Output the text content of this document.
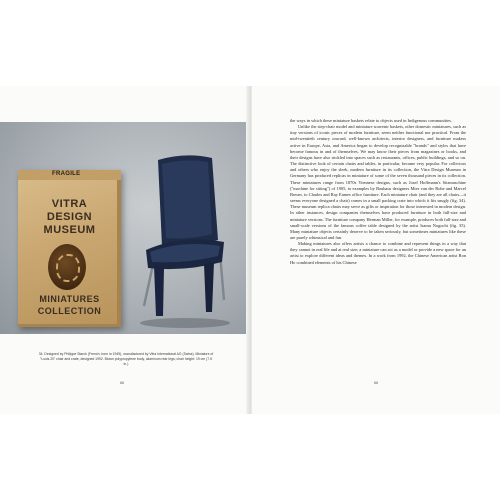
FRAGILE
VITRA
DESIGN
MUSEUM
MINIATURES
COLLECTION
34. Designed by Philippe Starck (French, born in 1949), manufactured by Vitra International AG (Swiss). Miniature of "Louis 20" chair and crate, designed 1992. Blown polypropylene body, aluminum rear legs; chair height: 19 cm (7.5 in.)
66

the ways in which these miniature baskets relate to objects used in Indigenous communities.

Unlike the step-chair model and miniature souvenir baskets, other domestic miniatures, such as tiny versions of iconic pieces of modern furniture, seem neither functional nor practical. From the mid-twentieth century onward, well-known architects, interior designers, and furniture makers active in Europe, Asia, and America began to develop recognizable "brands" and styles that have become famous in and of themselves. We may know their pieces from magazines or books, and their designs have also trickled into spaces such as restaurants, offices, public buildings, and so on. The distinctive look of certain chairs and tables, in particular, became very popular. For collectors and others who enjoy the sleek, modern furniture in its collection, the Vitra Design Museum in Germany has produced replicas in miniature of some of the seven thousand pieces in its collection. These miniatures range from 1870s Viennese designs, such as Josef Hoffmann's Sitzmaschine ("machine for sitting") of 1905, to examples by Bauhaus designers Mies van der Rohe and Marcel Breuer, to Charles and Ray Eames office furniture. Each miniature chair (and they are all chairs—it seems everyone designed a chair) comes in a small packing crate into which it fits snugly (fig. 34). These museum replica chairs may serve as gifts or inspiration for those interested in modern design. In other instances, design companies themselves have produced furniture in both full-size and miniature versions. The furniture company Herman Miller, for example, produces both full-size and small-scale versions of the famous coffee table designed by the artist Isamu Noguchi (fig. 35). Many miniature objects certainly deserve to be taken seriously, but sometimes miniatures like these are purely whimsical and fun.

Making miniatures also offers artists a chance to combine and represent things in a way that they cannot in real life and at real size; a miniature can act as a model or provide a new space for an artist to explore different ideas and themes. In a work from 1992, the Chinese American artist Ron Ho combined elements of his Chinese

66
